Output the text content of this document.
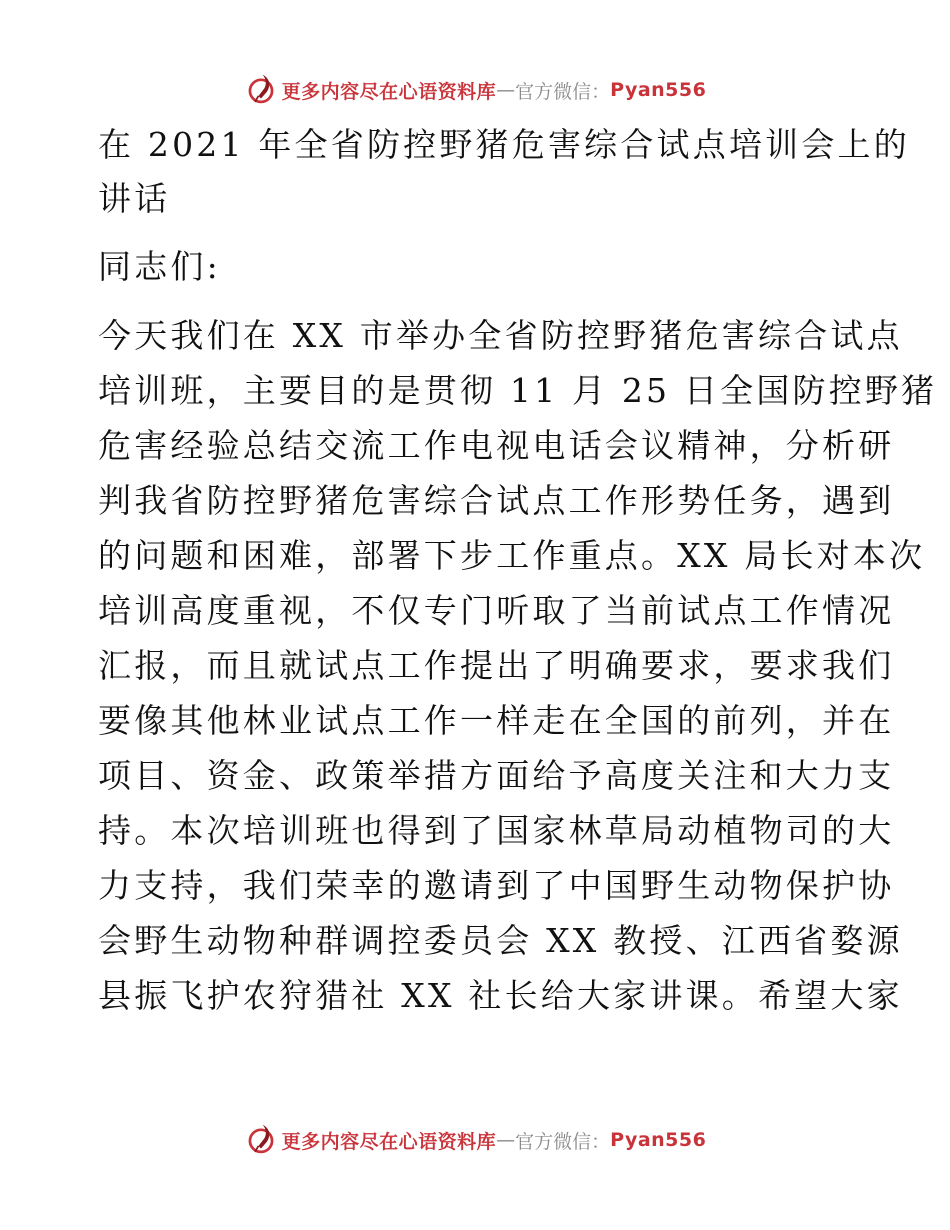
更多内容尽在心语资料库 — 官方微信： Pyan556
在 2021 年全省防控野猪危害综合试点培训会上的
讲话
同志们:
今天我们在 XX 市举办全省防控野猪危害综合试点
培训班，主要目的是贯彻 11 月 25 日全国防控野猪
危害经验总结交流工作电视电话会议精神，分析研
判我省防控野猪危害综合试点工作形势任务，遇到
的问题和困难，部署下步工作重点。XX 局长对本次
培训高度重视，不仅专门听取了当前试点工作情况
汇报，而且就试点工作提出了明确要求，要求我们
要像其他林业试点工作一样走在全国的前列，并在
项目、资金、政策举措方面给予高度关注和大力支
持。本次培训班也得到了国家林草局动植物司的大
力支持，我们荣幸的邀请到了中国野生动物保护协
会野生动物种群调控委员会 XX 教授、江西省婺源
县振飞护农狩猎社 XX 社长给大家讲课。希望大家
更多内容尽在心语资料库 — 官方微信： Pyan556
